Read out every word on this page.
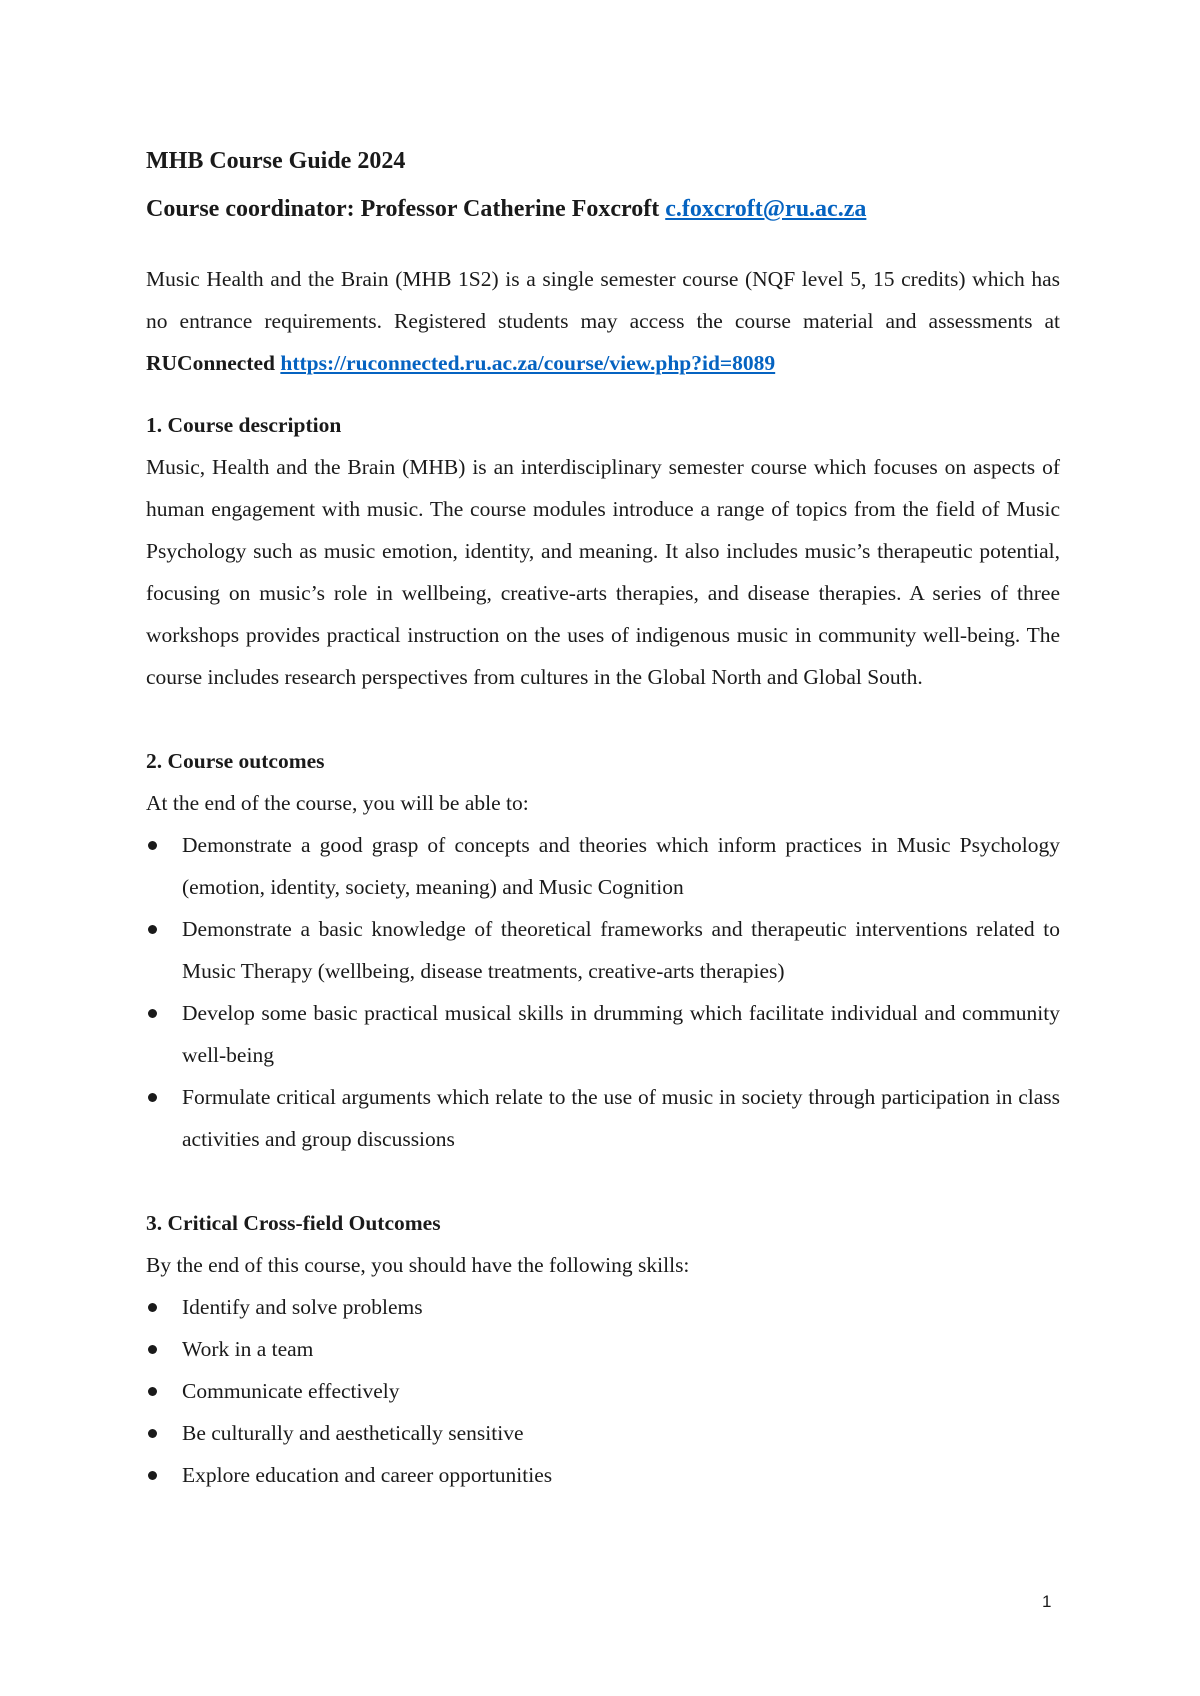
MHB Course Guide 2024

Course coordinator: Professor Catherine Foxcroft c.foxcroft@ru.ac.za

Music Health and the Brain (MHB 1S2) is a single semester course (NQF level 5, 15 credits) which has no entrance requirements. Registered students may access the course material and assessments at RUConnected https://ruconnected.ru.ac.za/course/view.php?id=8089

1. Course description

Music, Health and the Brain (MHB) is an interdisciplinary semester course which focuses on aspects of human engagement with music. The course modules introduce a range of topics from the field of Music Psychology such as music emotion, identity, and meaning. It also includes music’s therapeutic potential, focusing on music’s role in wellbeing, creative-arts therapies, and disease therapies. A series of three workshops provides practical instruction on the uses of indigenous music in community well-being. The course includes research perspectives from cultures in the Global North and Global South.

2. Course outcomes

At the end of the course, you will be able to:

Demonstrate a good grasp of concepts and theories which inform practices in Music Psychology (emotion, identity, society, meaning) and Music Cognition
Demonstrate a basic knowledge of theoretical frameworks and therapeutic interventions related to Music Therapy (wellbeing, disease treatments, creative-arts therapies)
Develop some basic practical musical skills in drumming which facilitate individual and community well-being
Formulate critical arguments which relate to the use of music in society through participation in class activities and group discussions
3. Critical Cross-field Outcomes

By the end of this course, you should have the following skills:

Identify and solve problems
Work in a team
Communicate effectively
Be culturally and aesthetically sensitive
Explore education and career opportunities
1
